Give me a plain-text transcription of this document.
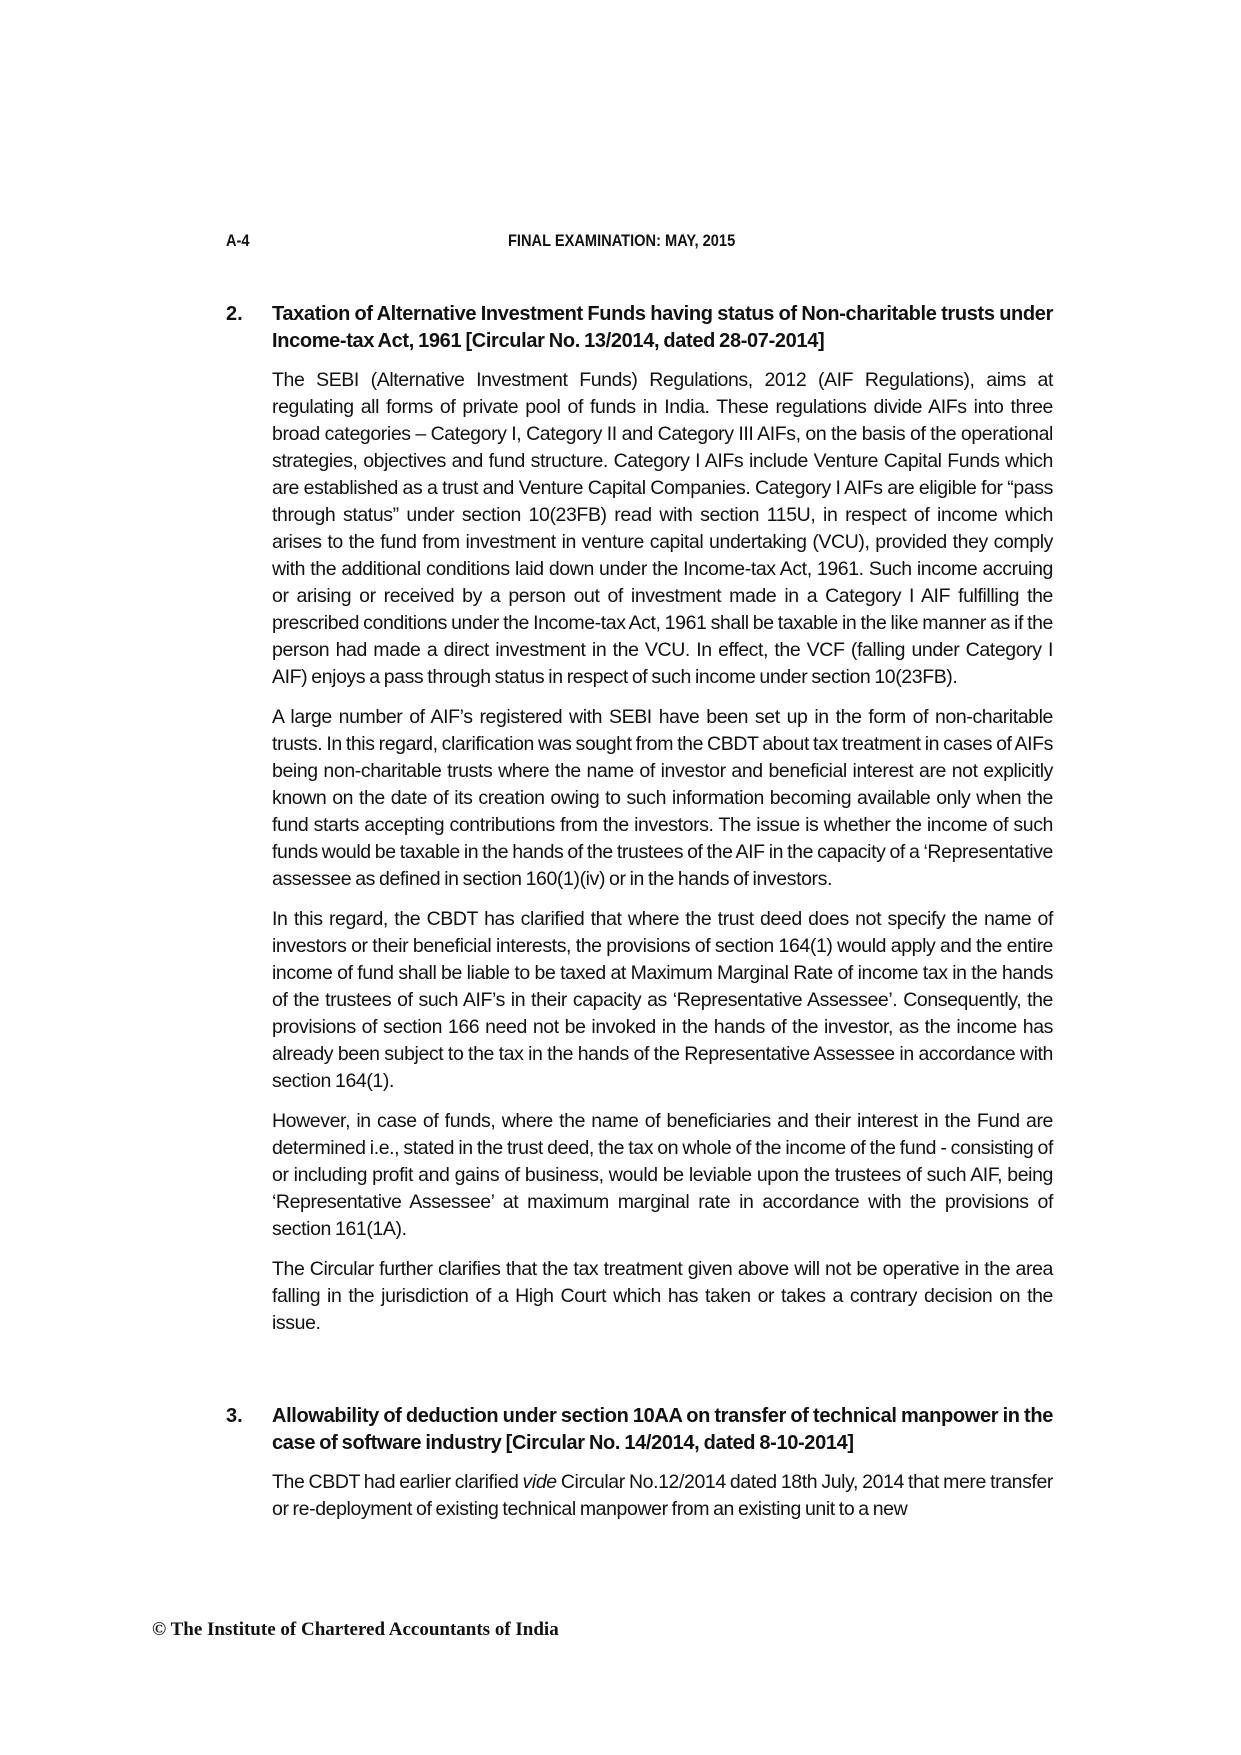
A-4	FINAL EXAMINATION: MAY, 2015
2. Taxation of Alternative Investment Funds having status of Non-charitable trusts under Income-tax Act, 1961 [Circular No. 13/2014, dated 28-07-2014]

The SEBI (Alternative Investment Funds) Regulations, 2012 (AIF Regulations), aims at regulating all forms of private pool of funds in India. These regulations divide AIFs into three broad categories – Category I, Category II and Category III AIFs, on the basis of the operational strategies, objectives and fund structure. Category I AIFs include Venture Capital Funds which are established as a trust and Venture Capital Companies. Category I AIFs are eligible for “pass through status” under section 10(23FB) read with section 115U, in respect of income which arises to the fund from investment in venture capital undertaking (VCU), provided they comply with the additional conditions laid down under the Income-tax Act, 1961. Such income accruing or arising or received by a person out of investment made in a Category I AIF fulfilling the prescribed conditions under the Income-tax Act, 1961 shall be taxable in the like manner as if the person had made a direct investment in the VCU. In effect, the VCF (falling under Category I AIF) enjoys a pass through status in respect of such income under section 10(23FB).

A large number of AIF’s registered with SEBI have been set up in the form of non-charitable trusts. In this regard, clarification was sought from the CBDT about tax treatment in cases of AIFs being non-charitable trusts where the name of investor and beneficial interest are not explicitly known on the date of its creation owing to such information becoming available only when the fund starts accepting contributions from the investors. The issue is whether the income of such funds would be taxable in the hands of the trustees of the AIF in the capacity of a ‘Representative assessee as defined in section 160(1)(iv) or in the hands of investors.

In this regard, the CBDT has clarified that where the trust deed does not specify the name of investors or their beneficial interests, the provisions of section 164(1) would apply and the entire income of fund shall be liable to be taxed at Maximum Marginal Rate of income tax in the hands of the trustees of such AIF’s in their capacity as ‘Representative Assessee’. Consequently, the provisions of section 166 need not be invoked in the hands of the investor, as the income has already been subject to the tax in the hands of the Representative Assessee in accordance with section 164(1).

However, in case of funds, where the name of beneficiaries and their interest in the Fund are determined i.e., stated in the trust deed, the tax on whole of the income of the fund - consisting of or including profit and gains of business, would be leviable upon the trustees of such AIF, being ‘Representative Assessee’ at maximum marginal rate in accordance with the provisions of section 161(1A).

The Circular further clarifies that the tax treatment given above will not be operative in the area falling in the jurisdiction of a High Court which has taken or takes a contrary decision on the issue.

3. Allowability of deduction under section 10AA on transfer of technical manpower in the case of software industry [Circular No. 14/2014, dated 8-10-2014]

The CBDT had earlier clarified vide Circular No.12/2014 dated 18th July, 2014 that mere transfer or re-deployment of existing technical manpower from an existing unit to a new

© The Institute of Chartered Accountants of India
